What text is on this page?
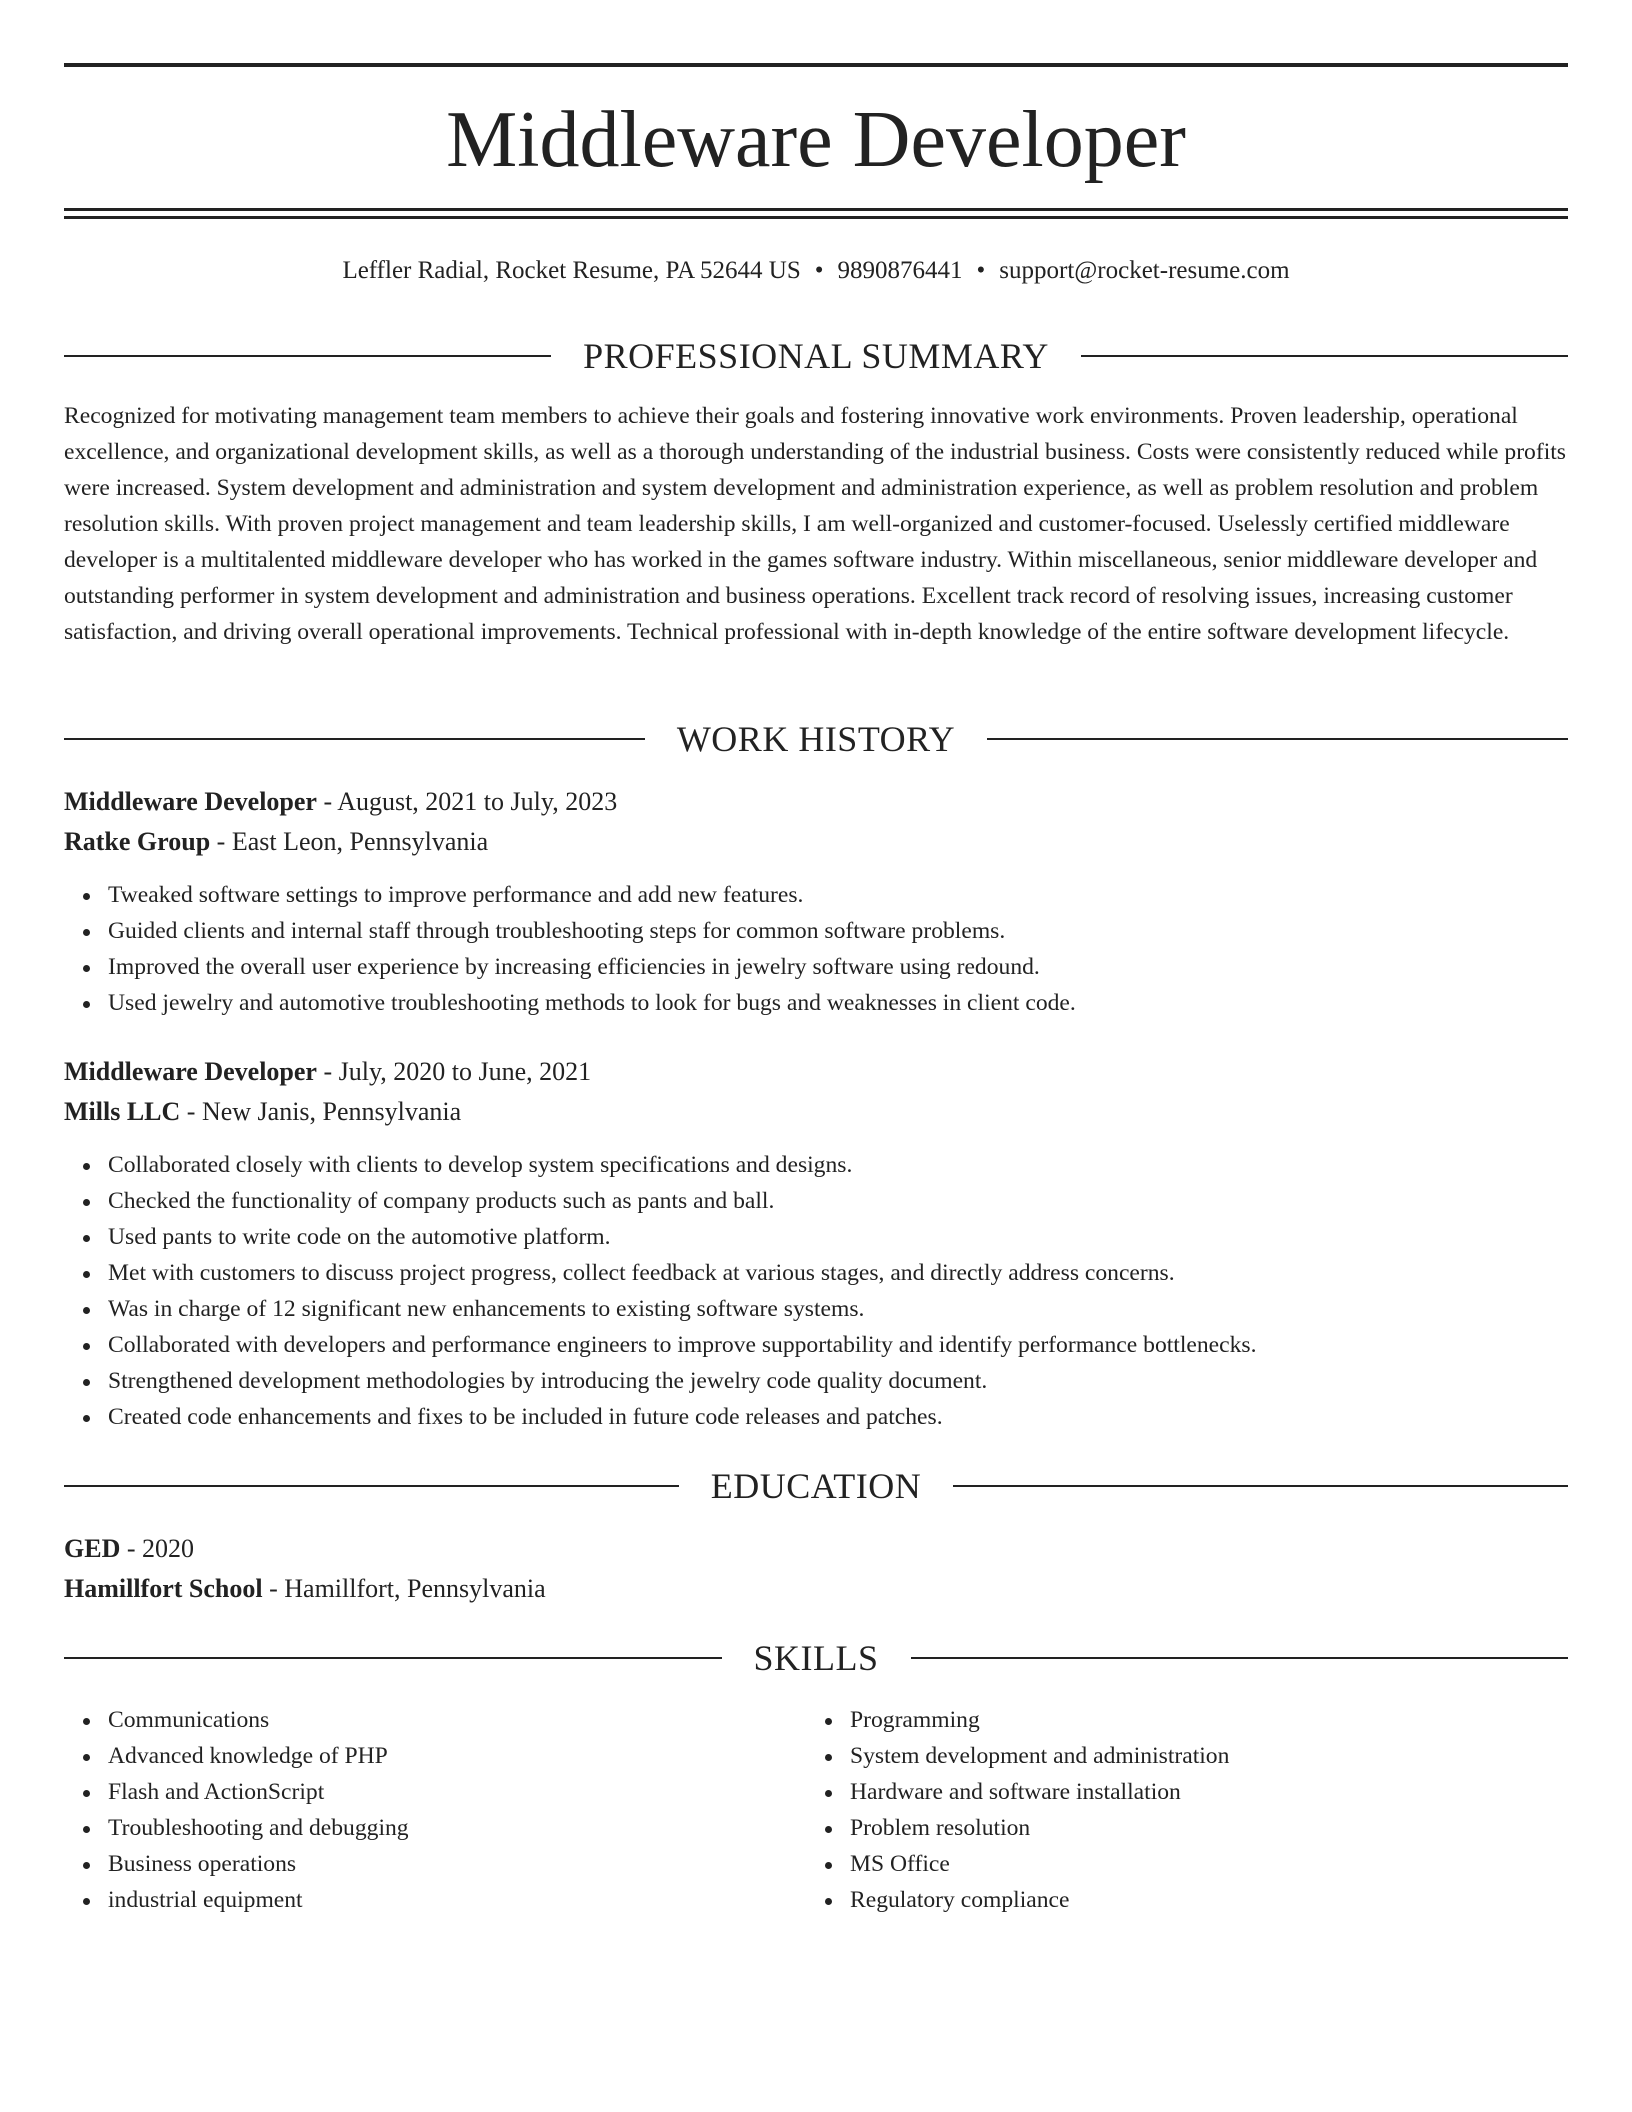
Middleware Developer
Leffler Radial, Rocket Resume, PA 52644 US • 9890876441 • support@rocket-resume.com
PROFESSIONAL SUMMARY

Recognized for motivating management team members to achieve their goals and fostering innovative work environments. Proven leadership, operational excellence, and organizational development skills, as well as a thorough understanding of the industrial business. Costs were consistently reduced while profits were increased. System development and administration and system development and administration experience, as well as problem resolution and problem resolution skills. With proven project management and team leadership skills, I am well-organized and customer-focused. Uselessly certified middleware developer is a multitalented middleware developer who has worked in the games software industry. Within miscellaneous, senior middleware developer and outstanding performer in system development and administration and business operations. Excellent track record of resolving issues, increasing customer satisfaction, and driving overall operational improvements. Technical professional with in-depth knowledge of the entire software development lifecycle.

WORK HISTORY
Middleware Developer - August, 2021 to July, 2023
Ratke Group - East Leon, Pennsylvania
Tweaked software settings to improve performance and add new features.
Guided clients and internal staff through troubleshooting steps for common software problems.
Improved the overall user experience by increasing efficiencies in jewelry software using redound.
Used jewelry and automotive troubleshooting methods to look for bugs and weaknesses in client code.
Middleware Developer - July, 2020 to June, 2021
Mills LLC - New Janis, Pennsylvania
Collaborated closely with clients to develop system specifications and designs.
Checked the functionality of company products such as pants and ball.
Used pants to write code on the automotive platform.
Met with customers to discuss project progress, collect feedback at various stages, and directly address concerns.
Was in charge of 12 significant new enhancements to existing software systems.
Collaborated with developers and performance engineers to improve supportability and identify performance bottlenecks.
Strengthened development methodologies by introducing the jewelry code quality document.
Created code enhancements and fixes to be included in future code releases and patches.
EDUCATION
GED - 2020
Hamillfort School - Hamillfort, Pennsylvania
SKILLS
Communications
Advanced knowledge of PHP
Flash and ActionScript
Troubleshooting and debugging
Business operations
industrial equipment
Programming
System development and administration
Hardware and software installation
Problem resolution
MS Office
Regulatory compliance
